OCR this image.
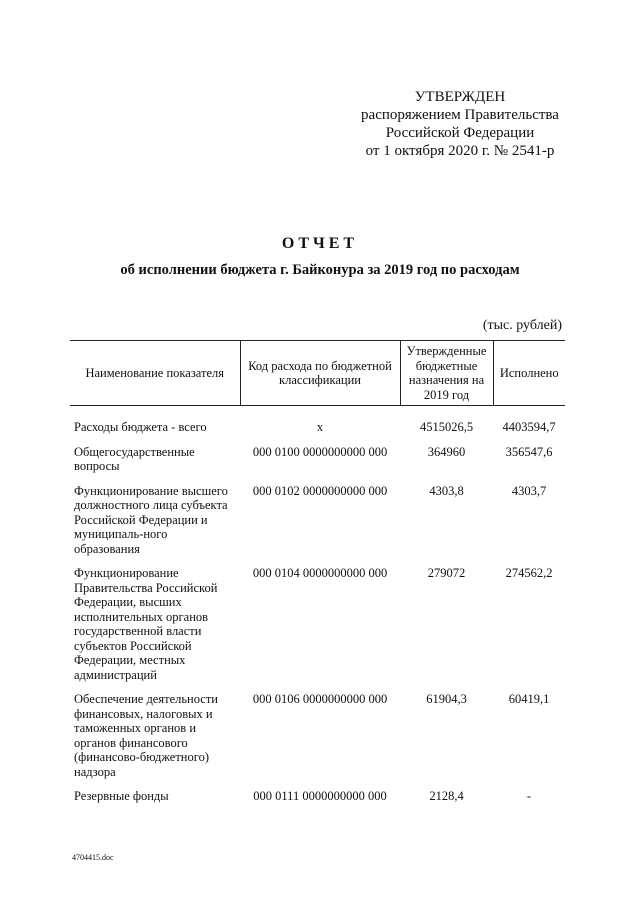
УТВЕРЖДЕН
распоряжением Правительства
Российской Федерации
от 1 октября 2020 г. № 2541-р
ОТЧЕТ
об исполнении бюджета г. Байконура за 2019 год по расходам
(тыс. рублей)
Наименование показателя	Код расхода по бюджетной классификации	Утвержденные бюджетные назначения на 2019 год	Исполнено

Расходы бюджета - всего	x	4515026,5	4403594,7
Общегосударственные вопросы	000 0100 0000000000 000	364960	356547,6
Функционирование высшего должностного лица субъекта Российской Федерации и муниципаль-ного образования	000 0102 0000000000 000	4303,8	4303,7
Функционирование Правительства Российской Федерации, высших исполнительных органов государственной власти субъектов Российской Федерации, местных администраций	000 0104 0000000000 000	279072	274562,2
Обеспечение деятельности финансовых, налоговых и таможенных органов и органов финансового (финансово-бюджетного) надзора	000 0106 0000000000 000	61904,3	60419,1
Резервные фонды	000 0111 0000000000 000	2128,4	-
4704415.doc
